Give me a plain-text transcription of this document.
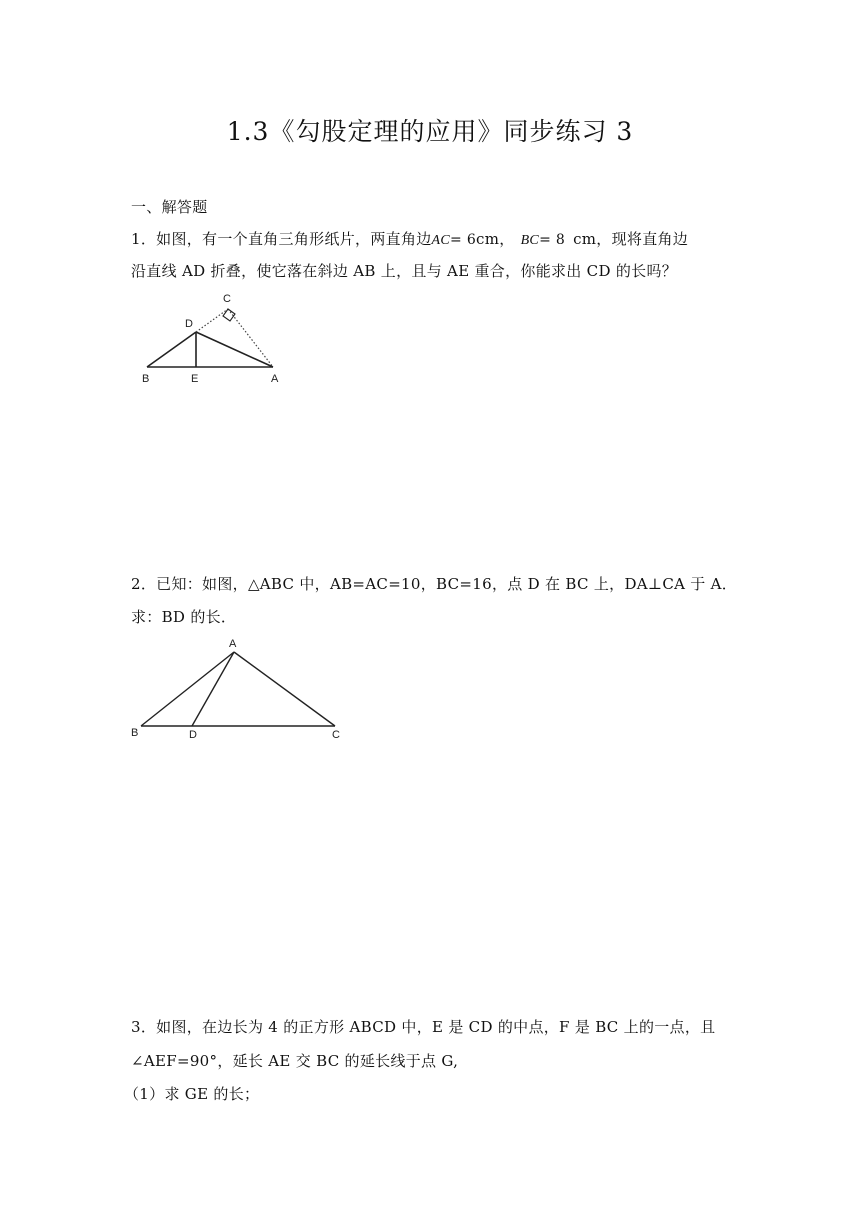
1.3《勾股定理的应用》同步练习 3
一、解答题
1．如图，有一个直角三角形纸片，两直角边AC= 6cm， BC= 8 cm，现将直角边
沿直线 AD 折叠，使它落在斜边 AB 上，且与 AE 重合，你能求出 CD 的长吗？
C
D
B	E	A
2．已知：如图，△ABC 中，AB=AC=10，BC=16，点 D 在 BC 上，DA⊥CA 于 A．
求：BD 的长．
A
B	D	C
3．如图，在边长为 4 的正方形 ABCD 中，E 是 CD 的中点，F 是 BC 上的一点，且
∠AEF=90°，延长 AE 交 BC 的延长线于点 G,
（1）求 GE 的长；
